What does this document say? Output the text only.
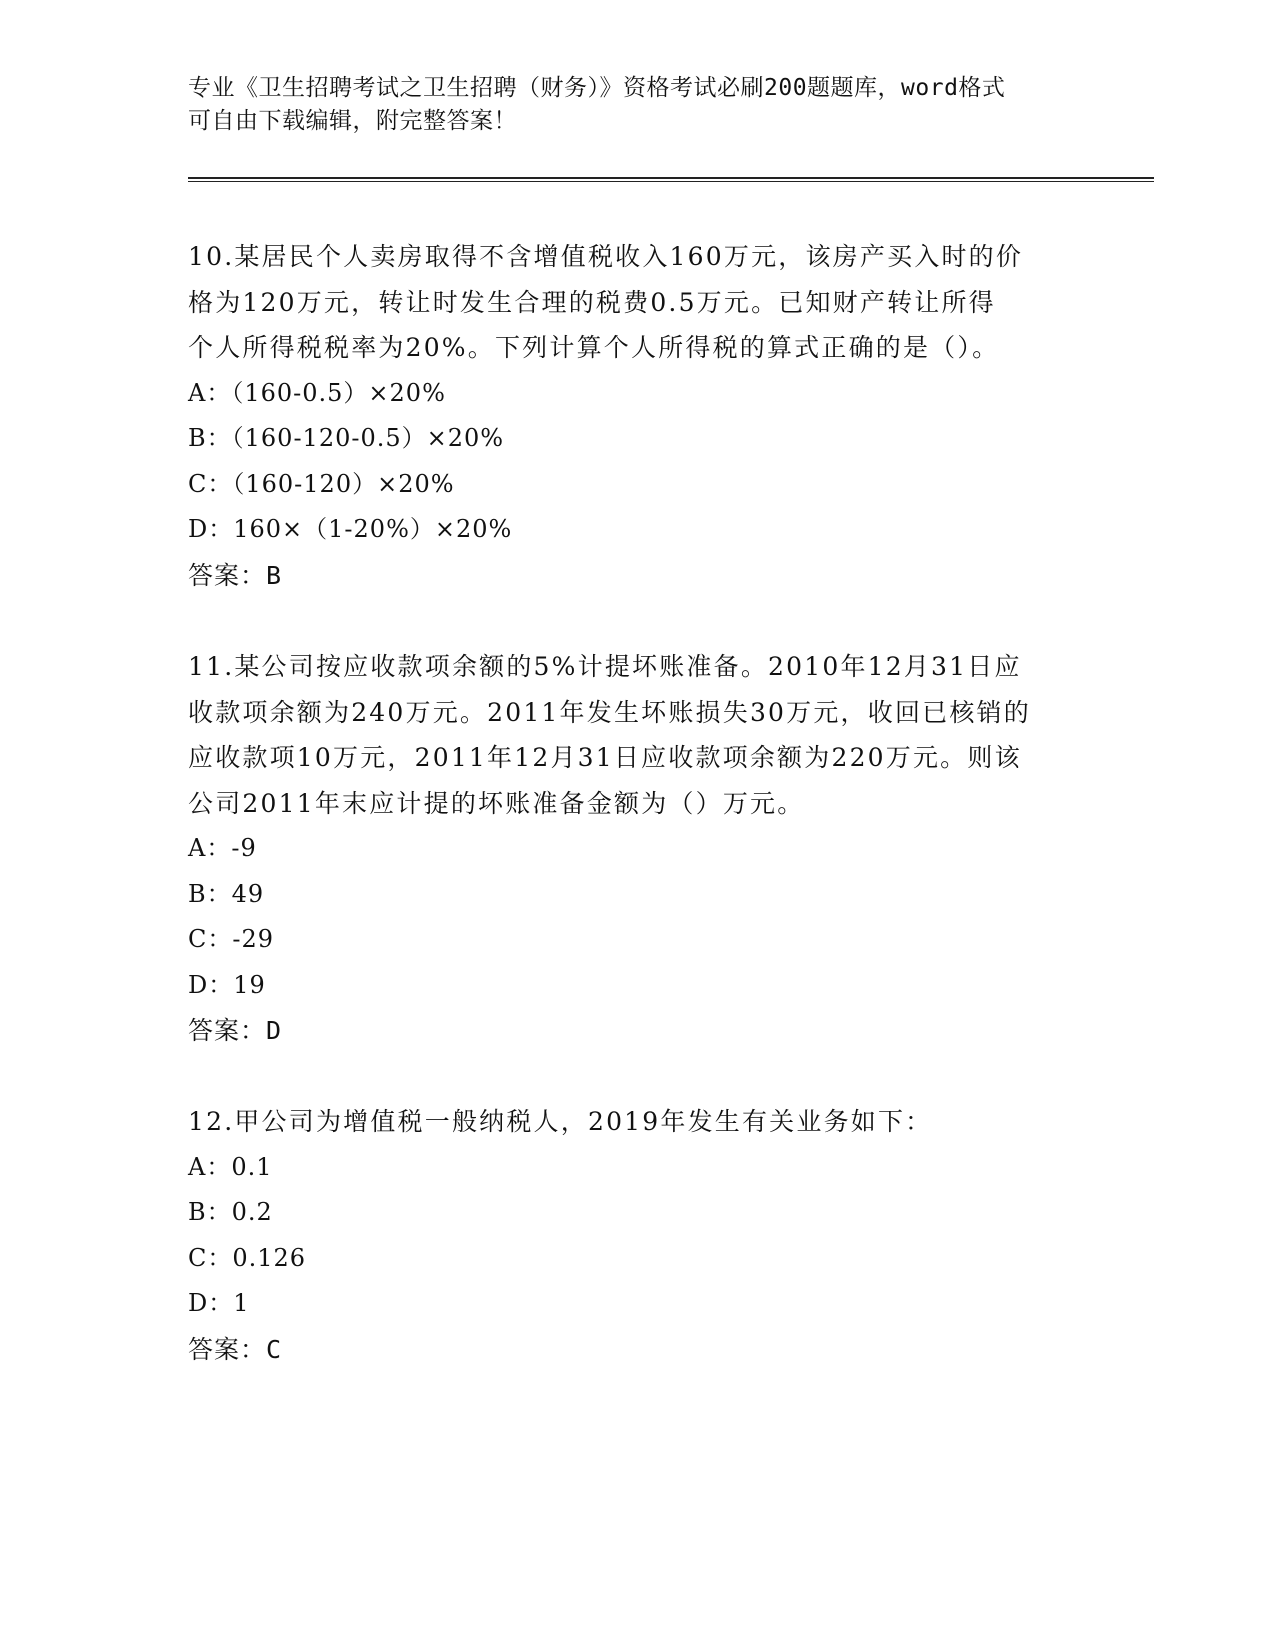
专业《卫生招聘考试之卫生招聘（财务）》资格考试必刷200题题库，word格式
可自由下载编辑，附完整答案！

10.某居民个人卖房取得不含增值税收入160万元，该房产买入时的价

格为120万元，转让时发生合理的税费0.5万元。已知财产转让所得

个人所得税税率为20%。下列计算个人所得税的算式正确的是（）。

A：（160-0.5）×20%

B：（160-120-0.5）×20%

C：（160-120）×20%

D：160×（1-20%）×20%

答案：B

11.某公司按应收款项余额的5%计提坏账准备。2010年12月31日应

收款项余额为240万元。2011年发生坏账损失30万元，收回已核销的

应收款项10万元，2011年12月31日应收款项余额为220万元。则该

公司2011年末应计提的坏账准备金额为（）万元。

A：-9

B：49

C：-29

D：19

答案：D

12.甲公司为增值税一般纳税人，2019年发生有关业务如下：

A：0.1

B：0.2

C：0.126

D：1

答案：C
